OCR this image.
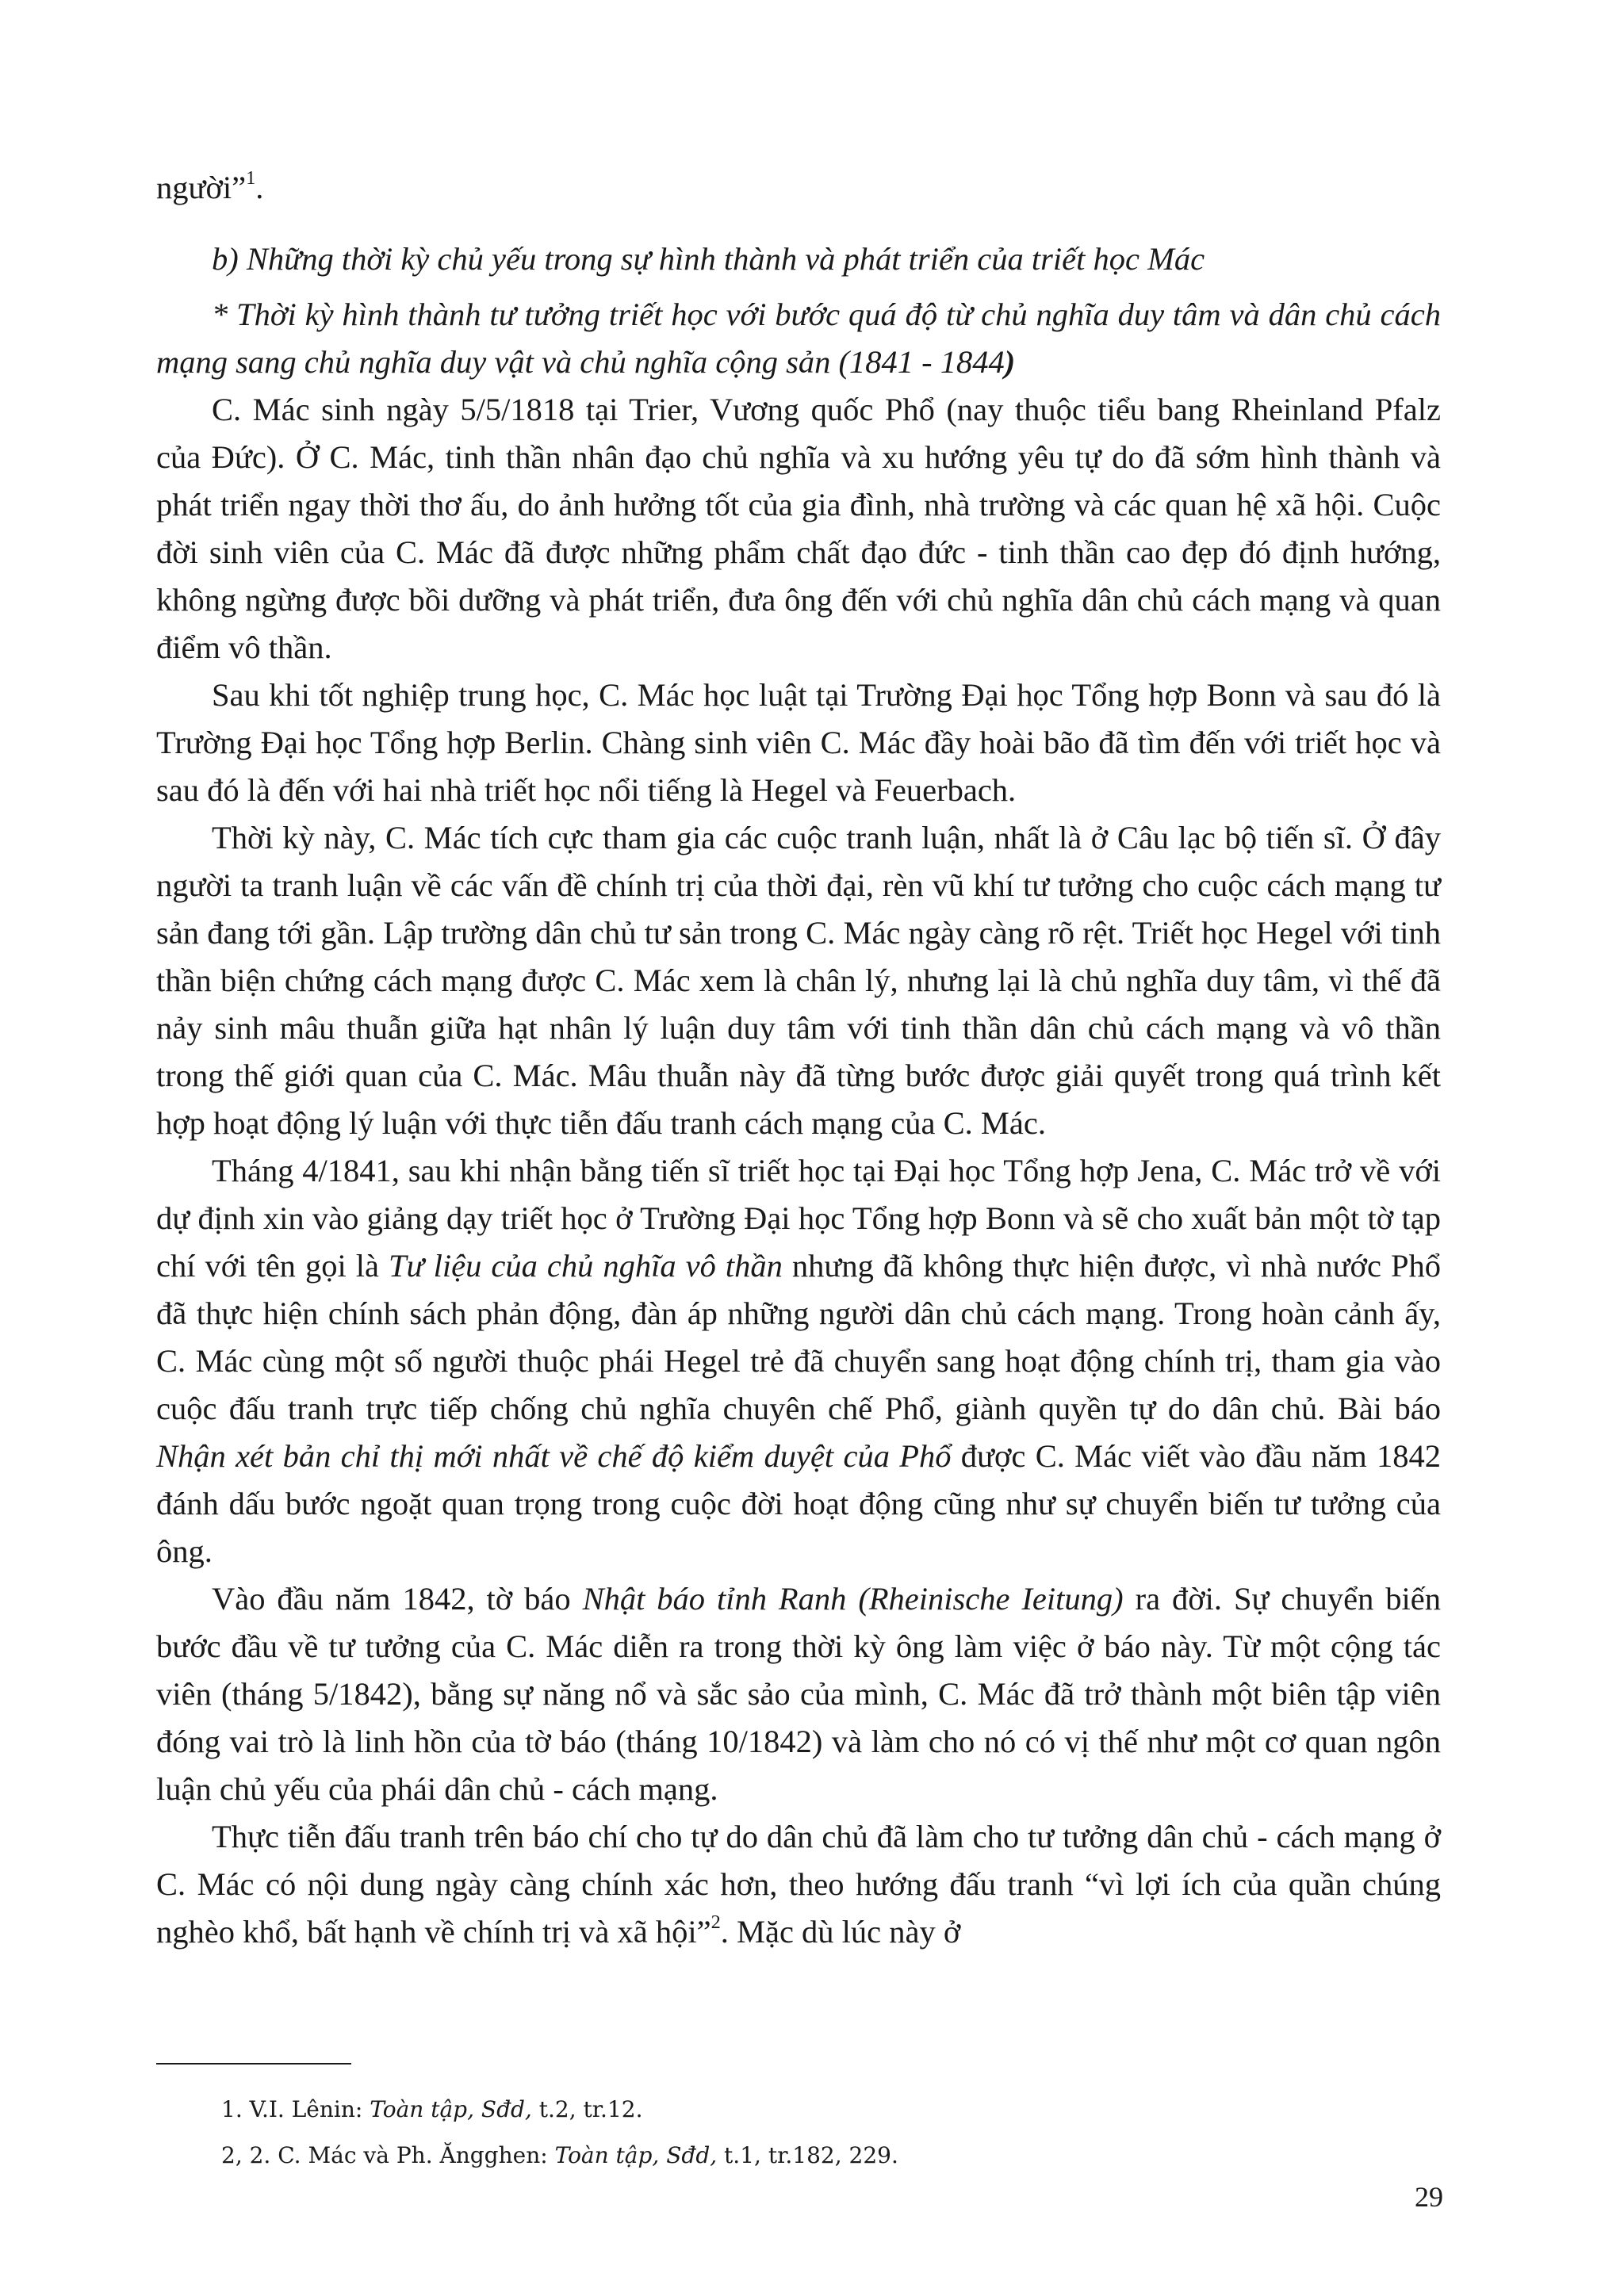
người”$^1$.

b) Những thời kỳ chủ yếu trong sự hình thành và phát triển của triết học Mác

* Thời kỳ hình thành tư tưởng triết học với bước quá độ từ chủ nghĩa duy tâm và dân chủ cách mạng sang chủ nghĩa duy vật và chủ nghĩa cộng sản (1841 - 1844)

C. Mác sinh ngày 5/5/1818 tại Trier, Vương quốc Phổ (nay thuộc tiểu bang Rheinland Pfalz của Đức). Ở C. Mác, tinh thần nhân đạo chủ nghĩa và xu hướng yêu tự do đã sớm hình thành và phát triển ngay thời thơ ấu, do ảnh hưởng tốt của gia đình, nhà trường và các quan hệ xã hội. Cuộc đời sinh viên của C. Mác đã được những phẩm chất đạo đức - tinh thần cao đẹp đó định hướng, không ngừng được bồi dưỡng và phát triển, đưa ông đến với chủ nghĩa dân chủ cách mạng và quan điểm vô thần.

Sau khi tốt nghiệp trung học, C. Mác học luật tại Trường Đại học Tổng hợp Bonn và sau đó là Trường Đại học Tổng hợp Berlin. Chàng sinh viên C. Mác đầy hoài bão đã tìm đến với triết học và sau đó là đến với hai nhà triết học nổi tiếng là Hegel và Feuerbach.

Thời kỳ này, C. Mác tích cực tham gia các cuộc tranh luận, nhất là ở Câu lạc bộ tiến sĩ. Ở đây người ta tranh luận về các vấn đề chính trị của thời đại, rèn vũ khí tư tưởng cho cuộc cách mạng tư sản đang tới gần. Lập trường dân chủ tư sản trong C. Mác ngày càng rõ rệt. Triết học Hegel với tinh thần biện chứng cách mạng được C. Mác xem là chân lý, nhưng lại là chủ nghĩa duy tâm, vì thế đã nảy sinh mâu thuẫn giữa hạt nhân lý luận duy tâm với tinh thần dân chủ cách mạng và vô thần trong thế giới quan của C. Mác. Mâu thuẫn này đã từng bước được giải quyết trong quá trình kết hợp hoạt động lý luận với thực tiễn đấu tranh cách mạng của C. Mác.

Tháng 4/1841, sau khi nhận bằng tiến sĩ triết học tại Đại học Tổng hợp Jena, C. Mác trở về với dự định xin vào giảng dạy triết học ở Trường Đại học Tổng hợp Bonn và sẽ cho xuất bản một tờ tạp chí với tên gọi là Tư liệu của chủ nghĩa vô thần nhưng đã không thực hiện được, vì nhà nước Phổ đã thực hiện chính sách phản động, đàn áp những người dân chủ cách mạng. Trong hoàn cảnh ấy, C. Mác cùng một số người thuộc phái Hegel trẻ đã chuyển sang hoạt động chính trị, tham gia vào cuộc đấu tranh trực tiếp chống chủ nghĩa chuyên chế Phổ, giành quyền tự do dân chủ. Bài báo Nhận xét bản chỉ thị mới nhất về chế độ kiểm duyệt của Phổ được C. Mác viết vào đầu năm 1842 đánh dấu bước ngoặt quan trọng trong cuộc đời hoạt động cũng như sự chuyển biến tư tưởng của ông.

Vào đầu năm 1842, tờ báo Nhật báo tỉnh Ranh (Rheinische Ieitung) ra đời. Sự chuyển biến bước đầu về tư tưởng của C. Mác diễn ra trong thời kỳ ông làm việc ở báo này. Từ một cộng tác viên (tháng 5/1842), bằng sự năng nổ và sắc sảo của mình, C. Mác đã trở thành một biên tập viên đóng vai trò là linh hồn của tờ báo (tháng 10/1842) và làm cho nó có vị thế như một cơ quan ngôn luận chủ yếu của phái dân chủ - cách mạng.

Thực tiễn đấu tranh trên báo chí cho tự do dân chủ đã làm cho tư tưởng dân chủ - cách mạng ở C. Mác có nội dung ngày càng chính xác hơn, theo hướng đấu tranh “vì lợi ích của quần chúng nghèo khổ, bất hạnh về chính trị và xã hội”$^2$. Mặc dù lúc này ở

1. V.I. Lênin: Toàn tập, Sđd, t.2, tr.12.

2, 2. C. Mác và Ph. Ăngghen: Toàn tập, Sđd, t.1, tr.182, 229.

29
